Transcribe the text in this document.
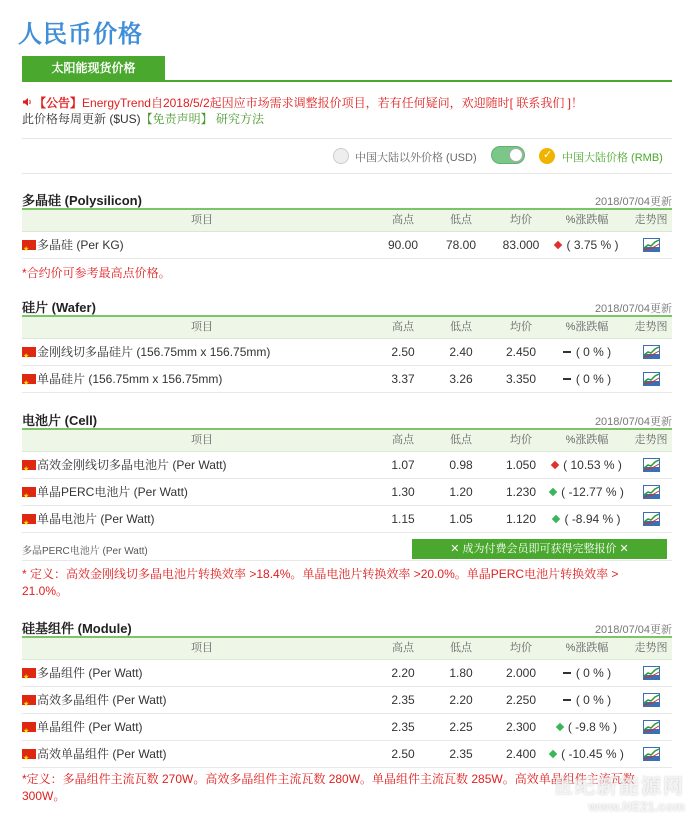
人民币价格
太阳能现货价格
【公告】EnergyTrend自2018/5/2起因应市场需求调整报价项目，若有任何疑问，欢迎随时[ 联系我们 ]！
此价格每周更新 ($US)【免责声明】 研究方法
中国大陆以外价格 (USD)
✓	中国大陆价格 (RMB)
多晶硅 (Polysilicon)	2018/07/04更新
项目	高点	低点	均价	%涨跌幅	走势图
★多晶硅 (Per KG)	90.00	78.00	83.000	( 3.75 % )
*合约价可参考最高点价格。
硅片 (Wafer)	2018/07/04更新
项目	高点	低点	均价	%涨跌幅	走势图
★金刚线切多晶硅片 (156.75mm x 156.75mm)	2.50	2.40	2.450	( 0 % )
★单晶硅片 (156.75mm x 156.75mm)	3.37	3.26	3.350	( 0 % )
电池片 (Cell)	2018/07/04更新
项目	高点	低点	均价	%涨跌幅	走势图
★高效金刚线切多晶电池片 (Per Watt)	1.07	0.98	1.050	( 10.53 % )
★单晶PERC电池片 (Per Watt)	1.30	1.20	1.230	( -12.77 % )
★单晶电池片 (Per Watt)	1.15	1.05	1.120	( -8.94 % )
多晶PERC电池片 (Per Watt)	✕ 成为付费会员即可获得完整报价 ✕
* 定义：高效金刚线切多晶电池片转换效率 >18.4%。单晶电池片转换效率 >20.0%。单晶PERC电池片转换效率 > 21.0%。
硅基组件 (Module)	2018/07/04更新
项目	高点	低点	均价	%涨跌幅	走势图
★多晶组件 (Per Watt)	2.20	1.80	2.000	( 0 % )
★高效多晶组件 (Per Watt)	2.35	2.20	2.250	( 0 % )
★单晶组件 (Per Watt)	2.35	2.25	2.300	( -9.8 % )
★高效单晶组件 (Per Watt)	2.50	2.35	2.400	( -10.45 % )
*定义：多晶组件主流瓦数 270W。高效多晶组件主流瓦数 280W。单晶组件主流瓦数 285W。高效单晶组件主流瓦数 300W。	世纪新能源网
www.NE21.com
